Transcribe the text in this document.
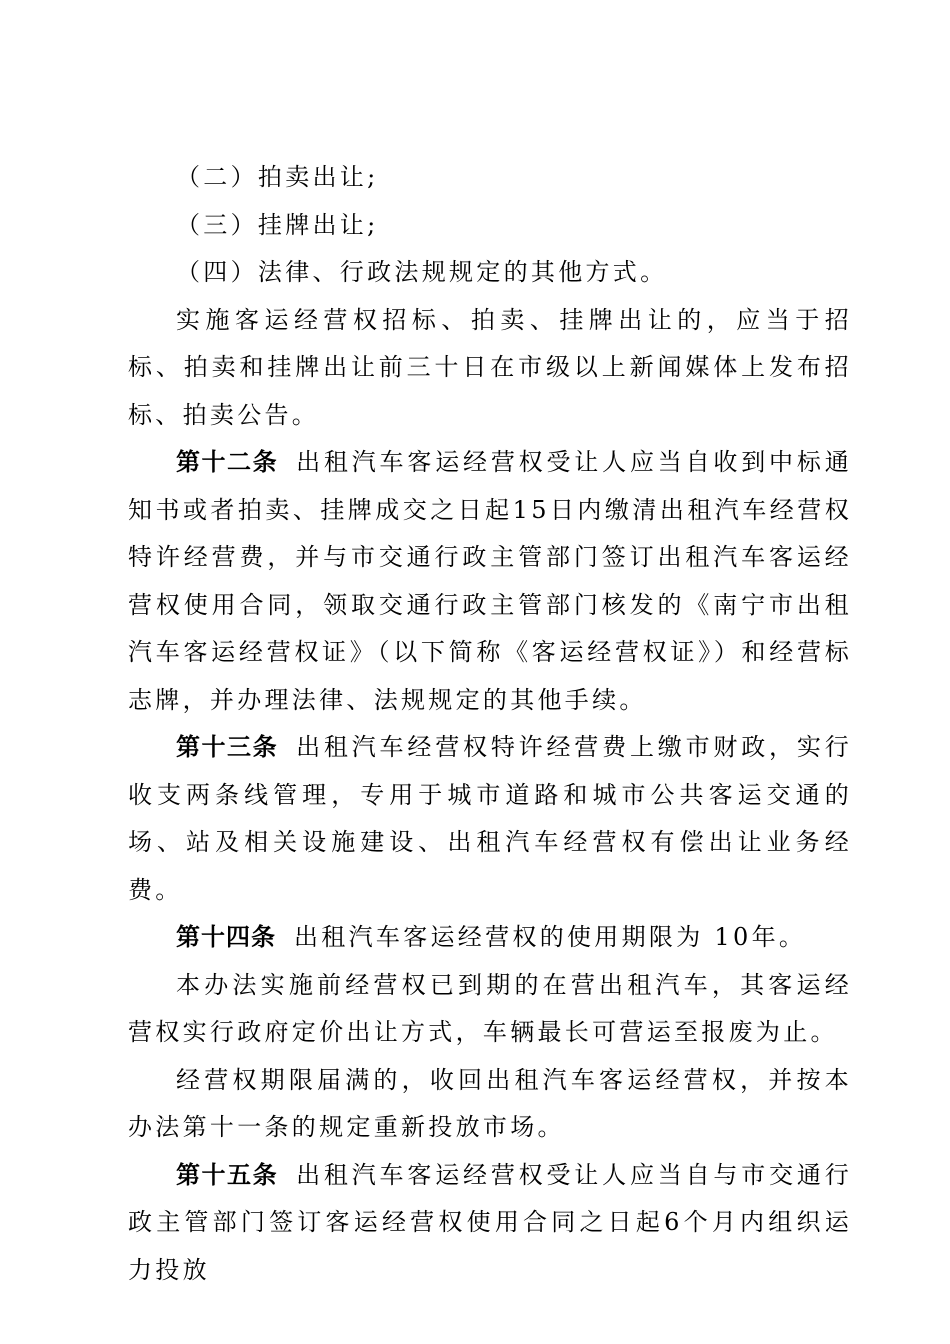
（二）拍卖出让;

（三）挂牌出让;

（四）法律、行政法规规定的其他方式。

实施客运经营权招标、拍卖、挂牌出让的，应当于招标、拍卖和挂牌出让前三十日在市级以上新闻媒体上发布招标、拍卖公告。

第十二条 出租汽车客运经营权受让人应当自收到中标通知书或者拍卖、挂牌成交之日起15日内缴清出租汽车经营权特许经营费，并与市交通行政主管部门签订出租汽车客运经营权使用合同，领取交通行政主管部门核发的《南宁市出租汽车客运经营权证》（以下简称《客运经营权证》）和经营标志牌，并办理法律、法规规定的其他手续。

第十三条 出租汽车经营权特许经营费上缴市财政，实行收支两条线管理，专用于城市道路和城市公共客运交通的场、站及相关设施建设、出租汽车经营权有偿出让业务经费。

第十四条 出租汽车客运经营权的使用期限为 10年。

本办法实施前经营权已到期的在营出租汽车，其客运经营权实行政府定价出让方式，车辆最长可营运至报废为止。

经营权期限届满的，收回出租汽车客运经营权，并按本办法第十一条的规定重新投放市场。

第十五条 出租汽车客运经营权受让人应当自与市交通行政主管部门签订客运经营权使用合同之日起6个月内组织运力投放
